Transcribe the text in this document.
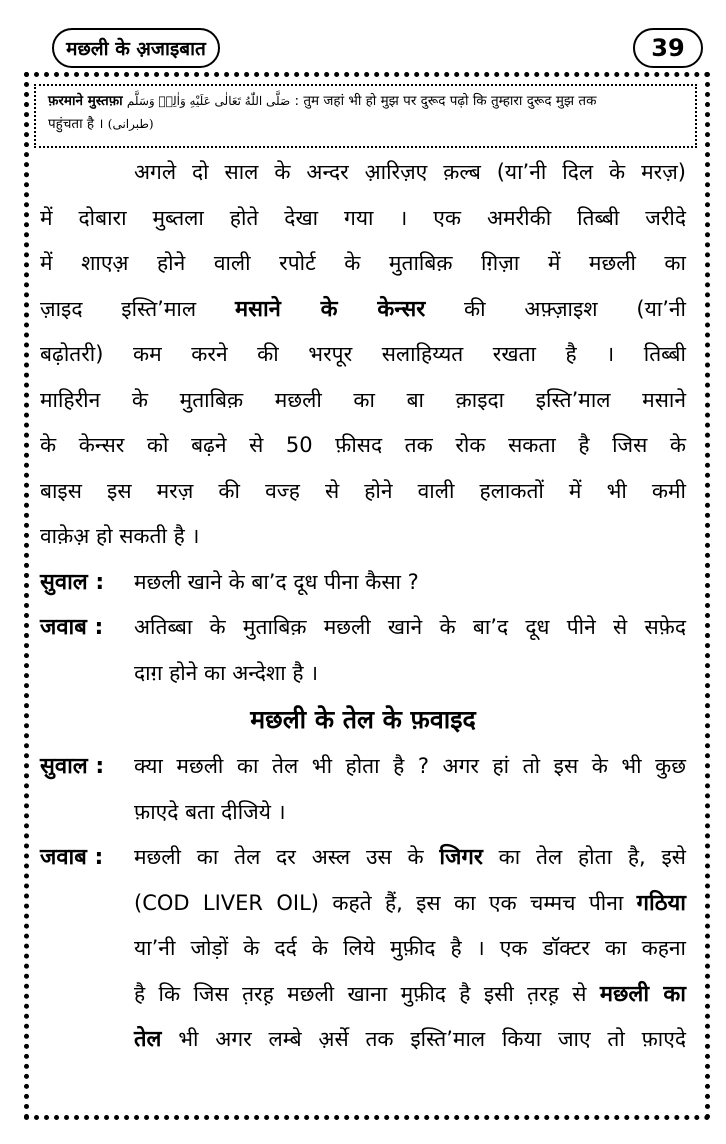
मछली के अ़जाइबात	39
फ़रमाने मुस्तफ़ा صَلَّى اللّٰهُ تَعَالٰى عَلَيْهِ وَاٰلِهٖ وَسَلَّم : तुम जहां भी हो मुझ पर दुरूद पढ़ो कि तुम्हारा दुरूद मुझ तक
पहुंचता है । (طبرانی)
अगले दो साल के अन्दर आ़रिज़ए क़ल्ब (या’नी दिल के मरज़)
में दोबारा मुब्तला होते देखा गया । एक अमरीकी तिब्बी जरीदे
में शाएअ़ होने वाली रपोर्ट के मुताबिक़ ग़िज़ा में मछली का
ज़ाइद इस्ति’माल मसाने के केन्सर की अफ़्ज़ाइश (या’नी
बढ़ोतरी) कम करने की भरपूर सलाहिय्यत रखता है । तिब्बी
माहिरीन के मुताबिक़ मछली का बा क़ाइदा इस्ति’माल मसाने
के केन्सर को बढ़ने से 50 फ़ीसद तक रोक सकता है जिस के
बाइस इस मरज़ की वज्ह से होने वाली हलाकतों में भी कमी
वाक़ेअ़ हो सकती है ।
सुवाल : मछली खाने के बा’द दूध पीना कैसा ?
जवाब : अतिब्बा के मुताबिक़ मछली खाने के बा’द दूध पीने से सफ़ेद
दाग़ होने का अन्देशा है ।
मछली के तेल के फ़वाइद
सुवाल : क्या मछली का तेल भी होता है ? अगर हां तो इस के भी कुछ
फ़ाएदे बता दीजिये ।
जवाब : मछली का तेल दर अस्ल उस के जिगर का तेल होता है, इसे
(COD LIVER OIL) कहते हैं, इस का एक चम्मच पीना गठिया
या’नी जोड़ों के दर्द के लिये मुफ़ीद है । एक डॉक्टर का कहना
है कि जिस त़रह़ मछली खाना मुफ़ीद है इसी त़रह़ से मछली का
तेल भी अगर लम्बे अ़र्से तक इस्ति’माल किया जाए तो फ़ाएदे
